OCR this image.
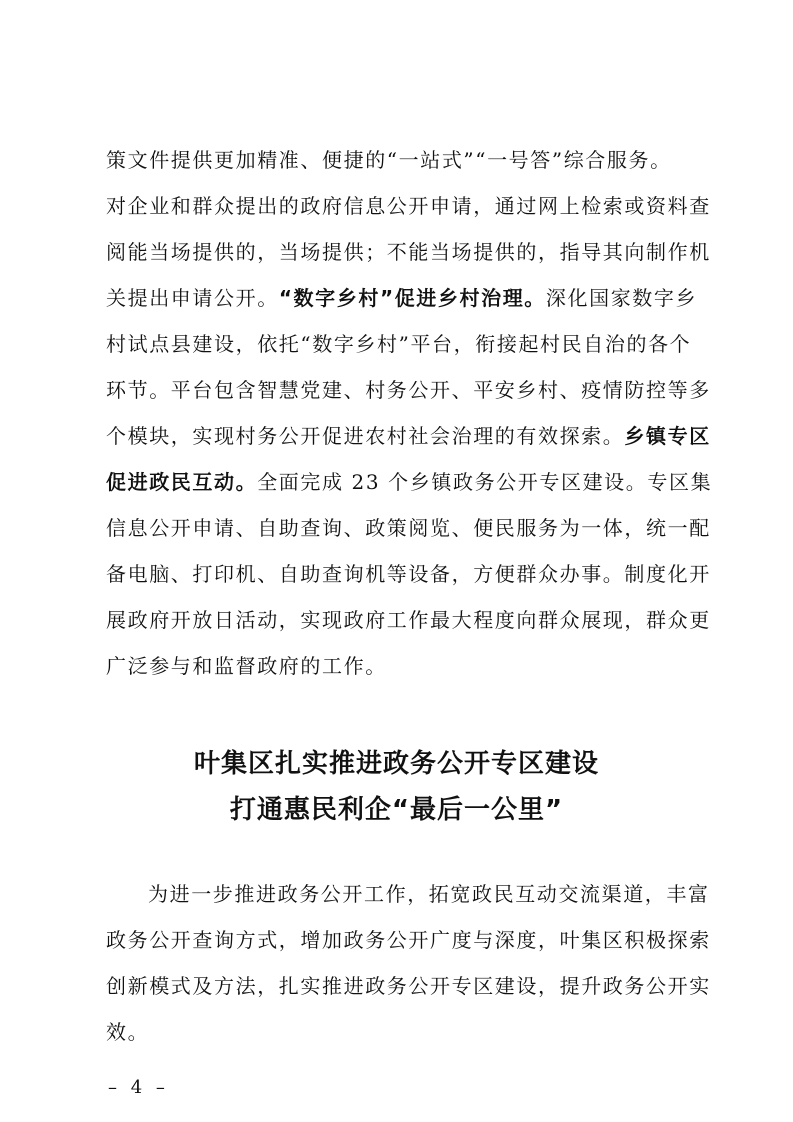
策文件提供更加精准、便捷的“一站式”“一号答”综合服务。
对企业和群众提出的政府信息公开申请，通过网上检索或资料查
阅能当场提供的，当场提供；不能当场提供的，指导其向制作机
关提出申请公开。“数字乡村”促进乡村治理。深化国家数字乡
村试点县建设，依托“数字乡村”平台，衔接起村民自治的各个
环节。平台包含智慧党建、村务公开、平安乡村、疫情防控等多
个模块，实现村务公开促进农村社会治理的有效探索。乡镇专区
促进政民互动。全面完成 23 个乡镇政务公开专区建设。专区集
信息公开申请、自助查询、政策阅览、便民服务为一体，统一配
备电脑、打印机、自助查询机等设备，方便群众办事。制度化开
展政府开放日活动，实现政府工作最大程度向群众展现，群众更
广泛参与和监督政府的工作。
叶集区扎实推进政务公开专区建设
打通惠民利企“最后一公里”
为进一步推进政务公开工作，拓宽政民互动交流渠道，丰富
政务公开查询方式，增加政务公开广度与深度，叶集区积极探索
创新模式及方法，扎实推进政务公开专区建设，提升政务公开实
效。
– 4 –
